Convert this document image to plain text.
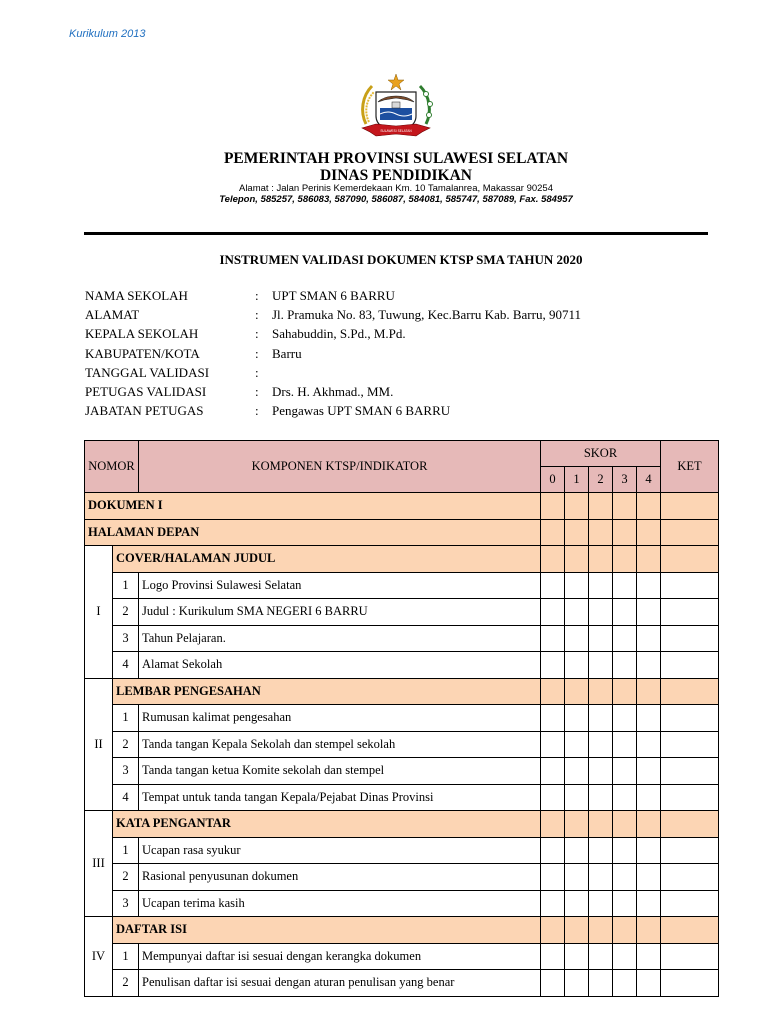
Kurikulum 2013
SULAWESI SELATAN
PEMERINTAH PROVINSI SULAWESI SELATAN
DINAS PENDIDIKAN
Alamat : Jalan Perinis Kemerdekaan Km. 10 Tamalanrea, Makassar 90254
Telepon, 585257, 586083, 587090, 586087, 584081, 585747, 587089, Fax. 584957
INSTRUMEN VALIDASI DOKUMEN KTSP SMA TAHUN 2020
NAMA SEKOLAH	: UPT SMAN 6 BARRU
ALAMAT	: Jl. Pramuka No. 83, Tuwung, Kec.Barru Kab. Barru, 90711
KEPALA SEKOLAH	: Sahabuddin, S.Pd., M.Pd.
KABUPATEN/KOTA	: Barru
TANGGAL VALIDASI	:
PETUGAS VALIDASI	: Drs. H. Akhmad., MM.
JABATAN PETUGAS	: Pengawas UPT SMAN 6 BARRU
NOMOR		KOMPONEN KTSP/INDIKATOR	SKOR					KET
			0	1	2	3	4	
DOKUMEN I								
HALAMAN DEPAN								
I	COVER/HALAMAN JUDUL							
	1	Logo Provinsi Sulawesi Selatan						
	2	Judul : Kurikulum SMA NEGERI 6 BARRU						
	3	Tahun Pelajaran.						
	4	Alamat Sekolah						
II	LEMBAR PENGESAHAN							
	1	Rumusan kalimat pengesahan						
	2	Tanda tangan Kepala Sekolah dan stempel sekolah						
	3	Tanda tangan ketua Komite sekolah dan stempel						
	4	Tempat untuk tanda tangan Kepala/Pejabat Dinas Provinsi						
III	KATA PENGANTAR							
	1	Ucapan rasa syukur						
	2	Rasional penyusunan dokumen						
	3	Ucapan terima kasih						
IV	DAFTAR ISI							
	1	Mempunyai daftar isi sesuai dengan kerangka dokumen						
	2	Penulisan daftar isi sesuai dengan aturan penulisan yang benar						
